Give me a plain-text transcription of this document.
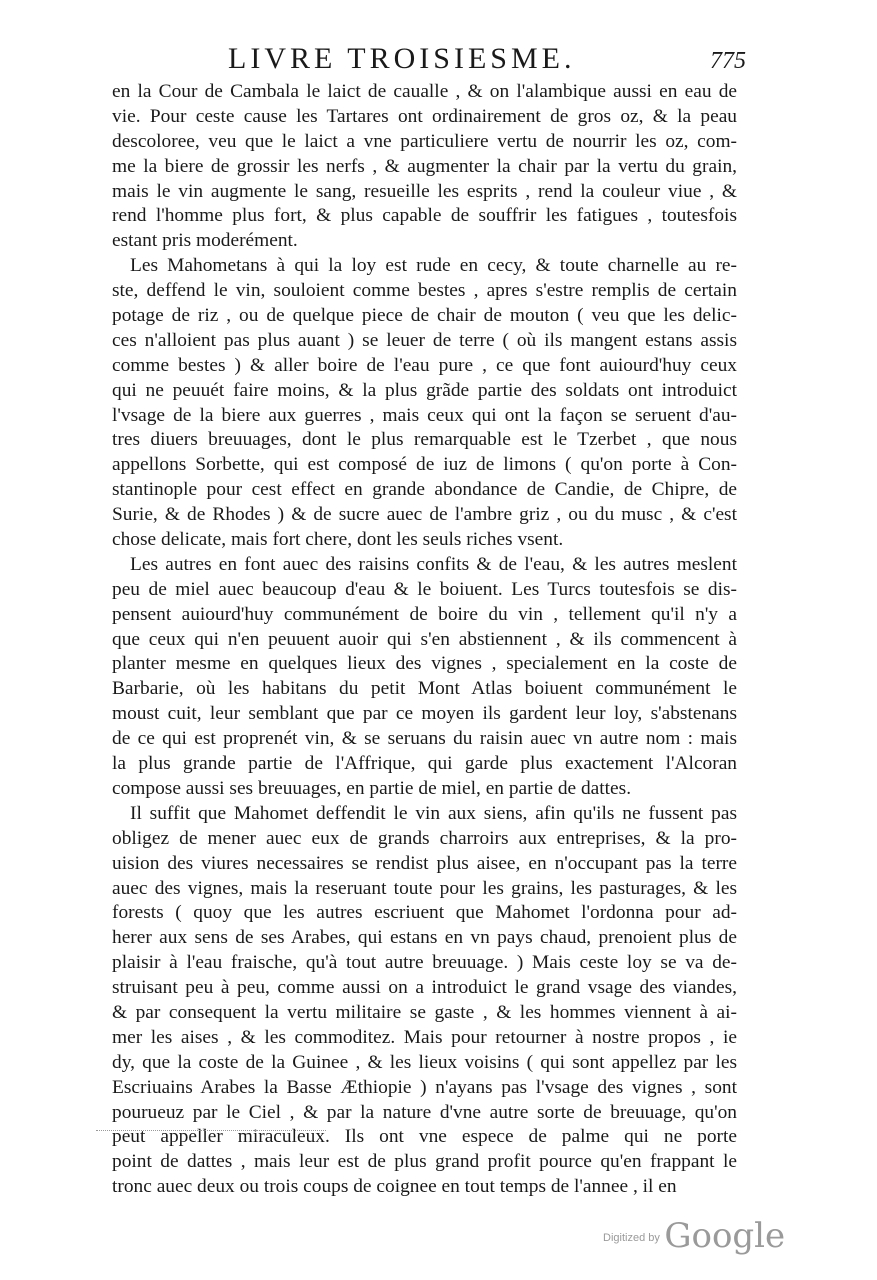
LIVRE TROISIESME.	775
en la Cour de Cambala le laict de caualle , & on l'alambique aussi en eau de
vie. Pour ceste cause les Tartares ont ordinairement de gros oz, & la peau
descoloree, veu que le laict a vne particuliere vertu de nourrir les oz, com-
me la biere de grossir les nerfs , & augmenter la chair par la vertu du grain,
mais le vin augmente le sang, resueille les esprits , rend la couleur viue , &
rend l'homme plus fort, & plus capable de souffrir les fatigues , toutesfois
estant pris moderément.
Les Mahometans à qui la loy est rude en cecy, & toute charnelle au re-
ste, deffend le vin, souloient comme bestes , apres s'estre remplis de certain
potage de riz , ou de quelque piece de chair de mouton ( veu que les delic-
ces n'alloient pas plus auant ) se leuer de terre ( où ils mangent estans assis
comme bestes ) & aller boire de l'eau pure , ce que font auiourd'huy ceux
qui ne peuuét faire moins, & la plus grãde partie des soldats ont introduict
l'vsage de la biere aux guerres , mais ceux qui ont la façon se seruent d'au-
tres diuers breuuages, dont le plus remarquable est le Tzerbet , que nous
appellons Sorbette, qui est composé de iuz de limons ( qu'on porte à Con-
stantinople pour cest effect en grande abondance de Candie, de Chipre, de
Surie, & de Rhodes ) & de sucre auec de l'ambre griz , ou du musc , & c'est
chose delicate, mais fort chere, dont les seuls riches vsent.
Les autres en font auec des raisins confits & de l'eau, & les autres meslent
peu de miel auec beaucoup d'eau & le boiuent. Les Turcs toutesfois se dis-
pensent auiourd'huy communément de boire du vin , tellement qu'il n'y a
que ceux qui n'en peuuent auoir qui s'en abstiennent , & ils commencent à
planter mesme en quelques lieux des vignes , specialement en la coste de
Barbarie, où les habitans du petit Mont Atlas boiuent communément le
moust cuit, leur semblant que par ce moyen ils gardent leur loy, s'abstenans
de ce qui est proprenét vin, & se seruans du raisin auec vn autre nom : mais
la plus grande partie de l'Affrique, qui garde plus exactement l'Alcoran
compose aussi ses breuuages, en partie de miel, en partie de dattes.
Il suffit que Mahomet deffendit le vin aux siens, afin qu'ils ne fussent pas
obligez de mener auec eux de grands charroirs aux entreprises, & la pro-
uision des viures necessaires se rendist plus aisee, en n'occupant pas la terre
auec des vignes, mais la reseruant toute pour les grains, les pasturages, & les
forests ( quoy que les autres escriuent que Mahomet l'ordonna pour ad-
herer aux sens de ses Arabes, qui estans en vn pays chaud, prenoient plus de
plaisir à l'eau fraische, qu'à tout autre breuuage. ) Mais ceste loy se va de-
struisant peu à peu, comme aussi on a introduict le grand vsage des viandes,
& par consequent la vertu militaire se gaste , & les hommes viennent à ai-
mer les aises , & les commoditez. Mais pour retourner à nostre propos , ie
dy, que la coste de la Guinee , & les lieux voisins ( qui sont appellez par les
Escriuains Arabes la Basse Æthiopie ) n'ayans pas l'vsage des vignes , sont
pourueuz par le Ciel , & par la nature d'vne autre sorte de breuuage, qu'on
peut appeller miraculeux. Ils ont vne espece de palme qui ne porte
point de dattes , mais leur est de plus grand profit pource qu'en frappant le
tronc auec deux ou trois coups de coignee en tout temps de l'annee , il en
$^{Digitized by}$ Google
